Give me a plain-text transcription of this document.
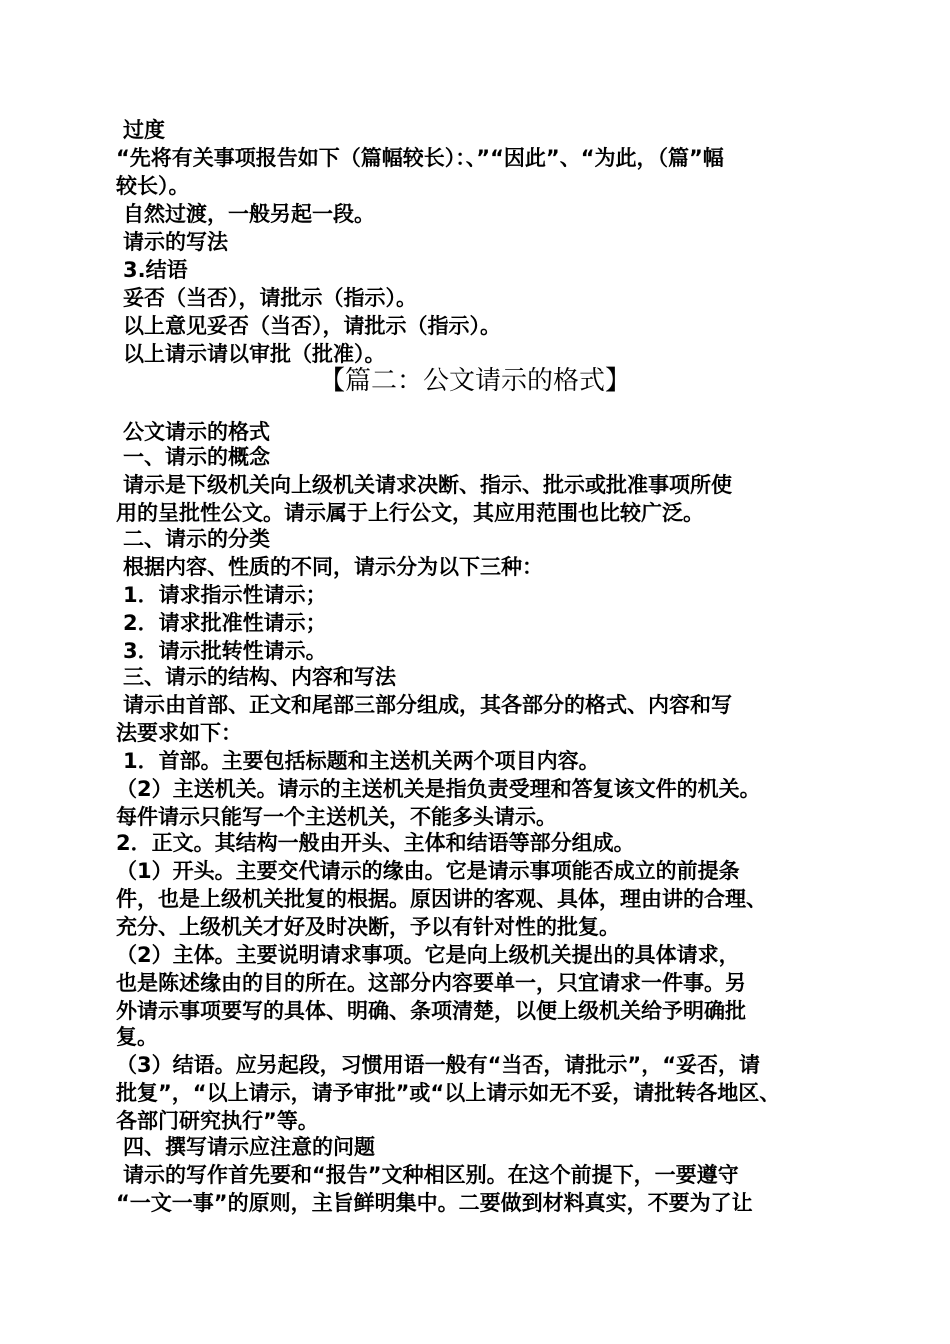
过度
“先将有关事项报告如下（篇幅较长）：、”“因此”、“为此，（篇”幅
较长）。
自然过渡，一般另起一段。
请示的写法
3.结语
妥否（当否），请批示（指示）。
以上意见妥否（当否），请批示（指示）。
以上请示请以审批（批准）。
【篇二：公文请示的格式】
公文请示的格式
一、请示的概念
请示是下级机关向上级机关请求决断、指示、批示或批准事项所使
用的呈批性公文。请示属于上行公文，其应用范围也比较广泛。
二、请示的分类
根据内容、性质的不同，请示分为以下三种：
1．请求指示性请示；
2．请求批准性请示；
3．请示批转性请示。
三、请示的结构、内容和写法
请示由首部、正文和尾部三部分组成，其各部分的格式、内容和写
法要求如下：
1．首部。主要包括标题和主送机关两个项目内容。
（2）主送机关。请示的主送机关是指负责受理和答复该文件的机关。
每件请示只能写一个主送机关，不能多头请示。
2．正文。其结构一般由开头、主体和结语等部分组成。
（1）开头。主要交代请示的缘由。它是请示事项能否成立的前提条
件，也是上级机关批复的根据。原因讲的客观、具体，理由讲的合理、
充分、上级机关才好及时决断，予以有针对性的批复。
（2）主体。主要说明请求事项。它是向上级机关提出的具体请求，
也是陈述缘由的目的所在。这部分内容要单一，只宜请求一件事。另
外请示事项要写的具体、明确、条项清楚，以便上级机关给予明确批
复。
（3）结语。应另起段，习惯用语一般有“当否，请批示”，“妥否，请
批复”，“以上请示，请予审批”或“以上请示如无不妥，请批转各地区、
各部门研究执行”等。
四、撰写请示应注意的问题
请示的写作首先要和“报告”文种相区别。在这个前提下，一要遵守
“一文一事”的原则，主旨鲜明集中。二要做到材料真实，不要为了让
